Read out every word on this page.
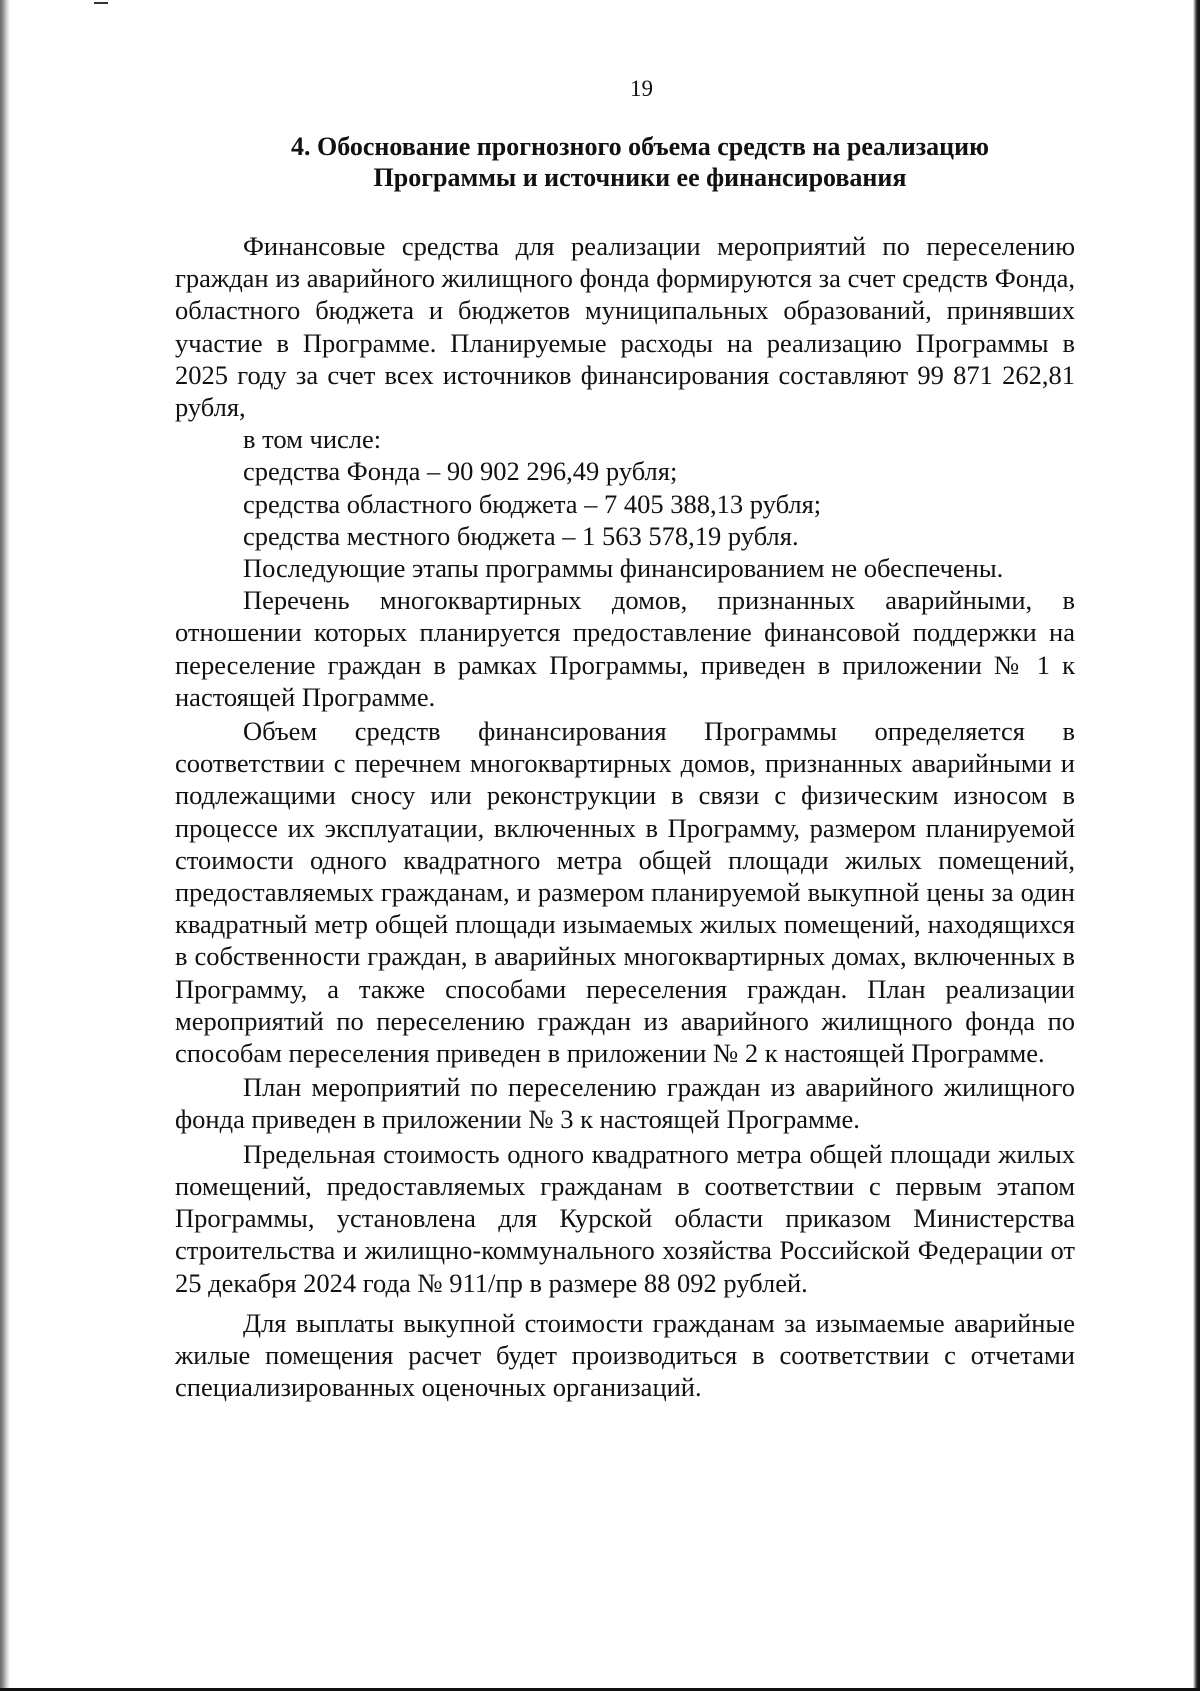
19
4. Обоснование прогнозного объема средств на реализацию
Программы и источники ее финансирования

Финансовые средства для реализации мероприятий по переселению граждан из аварийного жилищного фонда формируются за счет средств Фонда, областного бюджета и бюджетов муниципальных образований, принявших участие в Программе. Планируемые расходы на реализацию Программы в 2025 году за счет всех источников финансирования составляют 99 871 262,81 рубля,

в том числе:

средства Фонда – 90 902 296,49 рубля;

средства областного бюджета – 7 405 388,13 рубля;

средства местного бюджета – 1 563 578,19 рубля.

Последующие этапы программы финансированием не обеспечены.

Перечень многоквартирных домов, признанных аварийными, в отношении которых планируется предоставление финансовой поддержки на переселение граждан в рамках Программы, приведен в приложении № 1 к настоящей Программе.

Объем средств финансирования Программы определяется в соответствии с перечнем многоквартирных домов, признанных аварийными и подлежащими сносу или реконструкции в связи с физическим износом в процессе их эксплуатации, включенных в Программу, размером планируемой стоимости одного квадратного метра общей площади жилых помещений, предоставляемых гражданам, и размером планируемой выкупной цены за один квадратный метр общей площади изымаемых жилых помещений, находящихся в собственности граждан, в аварийных многоквартирных домах, включенных в Программу, а также способами переселения граждан. План реализации мероприятий по переселению граждан из аварийного жилищного фонда по способам переселения приведен в приложении № 2 к настоящей Программе.

План мероприятий по переселению граждан из аварийного жилищного фонда приведен в приложении № 3 к настоящей Программе.

Предельная стоимость одного квадратного метра общей площади жилых помещений, предоставляемых гражданам в соответствии с первым этапом Программы, установлена для Курской области приказом Министерства строительства и жилищно-коммунального хозяйства Российской Федерации от 25 декабря 2024 года № 911/пр в размере 88 092 рублей.

Для выплаты выкупной стоимости гражданам за изымаемые аварийные жилые помещения расчет будет производиться в соответствии с отчетами специализированных оценочных организаций.
